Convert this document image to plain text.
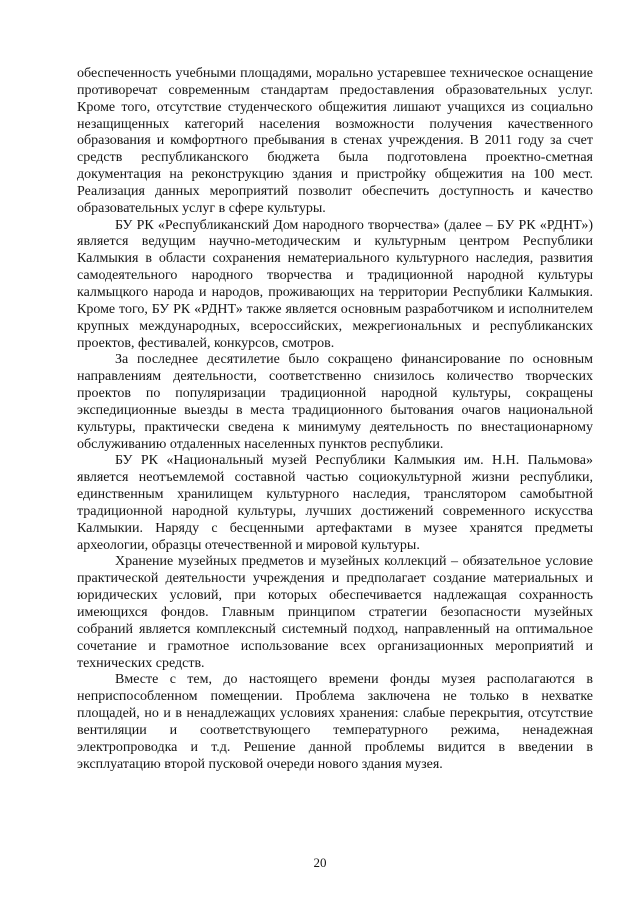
обеспеченность учебными площадями, морально устаревшее техническое оснащение противоречат современным стандартам предоставления образовательных услуг. Кроме того, отсутствие студенческого общежития лишают учащихся из социально незащищенных категорий населения возможности получения качественного образования и комфортного пребывания в стенах учреждения. В 2011 году за счет средств республиканского бюджета была подготовлена проектно-сметная документация на реконструкцию здания и пристройку общежития на 100 мест. Реализация данных мероприятий позволит обеспечить доступность и качество образовательных услуг в сфере культуры.

БУ РК «Республиканский Дом народного творчества» (далее – БУ РК «РДНТ») является ведущим научно-методическим и культурным центром Республики Калмыкия в области сохранения нематериального культурного наследия, развития самодеятельного народного творчества и традиционной народной культуры калмыцкого народа и народов, проживающих на территории Республики Калмыкия. Кроме того, БУ РК «РДНТ» также является основным разработчиком и исполнителем крупных международных, всероссийских, межрегиональных и республиканских проектов, фестивалей, конкурсов, смотров.

За последнее десятилетие было сокращено финансирование по основным направлениям деятельности, соответственно снизилось количество творческих проектов по популяризации традиционной народной культуры, сокращены экспедиционные выезды в места традиционного бытования очагов национальной культуры, практически сведена к минимуму деятельность по внестационарному обслуживанию отдаленных населенных пунктов республики.

БУ РК «Национальный музей Республики Калмыкия им. Н.Н. Пальмова» является неотъемлемой составной частью социокультурной жизни республики, единственным хранилищем культурного наследия, транслятором самобытной традиционной народной культуры, лучших достижений современного искусства Калмыкии. Наряду с бесценными артефактами в музее хранятся предметы археологии, образцы отечественной и мировой культуры.

Хранение музейных предметов и музейных коллекций – обязательное условие практической деятельности учреждения и предполагает создание материальных и юридических условий, при которых обеспечивается надлежащая сохранность имеющихся фондов. Главным принципом стратегии безопасности музейных собраний является комплексный системный подход, направленный на оптимальное сочетание и грамотное использование всех организационных мероприятий и технических средств.

Вместе с тем, до настоящего времени фонды музея располагаются в неприспособленном помещении. Проблема заключена не только в нехватке площадей, но и в ненадлежащих условиях хранения: слабые перекрытия, отсутствие вентиляции и соответствующего температурного режима, ненадежная электропроводка и т.д. Решение данной проблемы видится в введении в эксплуатацию второй пусковой очереди нового здания музея.

20
